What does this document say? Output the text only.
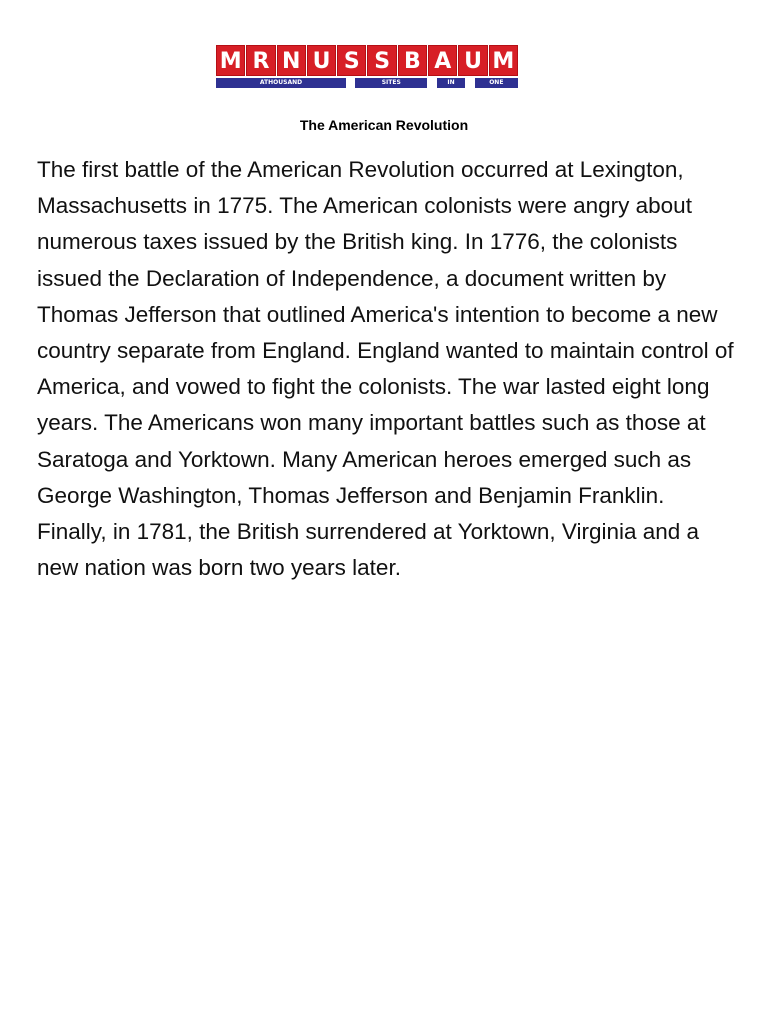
M R N U S S B A U M
ATHOUSAND	SITES	IN	ONE
The American Revolution

The first battle of the American Revolution occurred at Lexington, Massachusetts in 1775. The American colonists were angry about numerous taxes issued by the British king. In 1776, the colonists issued the Declaration of Independence, a document written by Thomas Jefferson that outlined America's intention to become a new country separate from England. England wanted to maintain control of America, and vowed to fight the colonists. The war lasted eight long years. The Americans won many important battles such as those at Saratoga and Yorktown. Many American heroes emerged such as George Washington, Thomas Jefferson and Benjamin Franklin. Finally, in 1781, the British surrendered at Yorktown, Virginia and a new nation was born two years later.
